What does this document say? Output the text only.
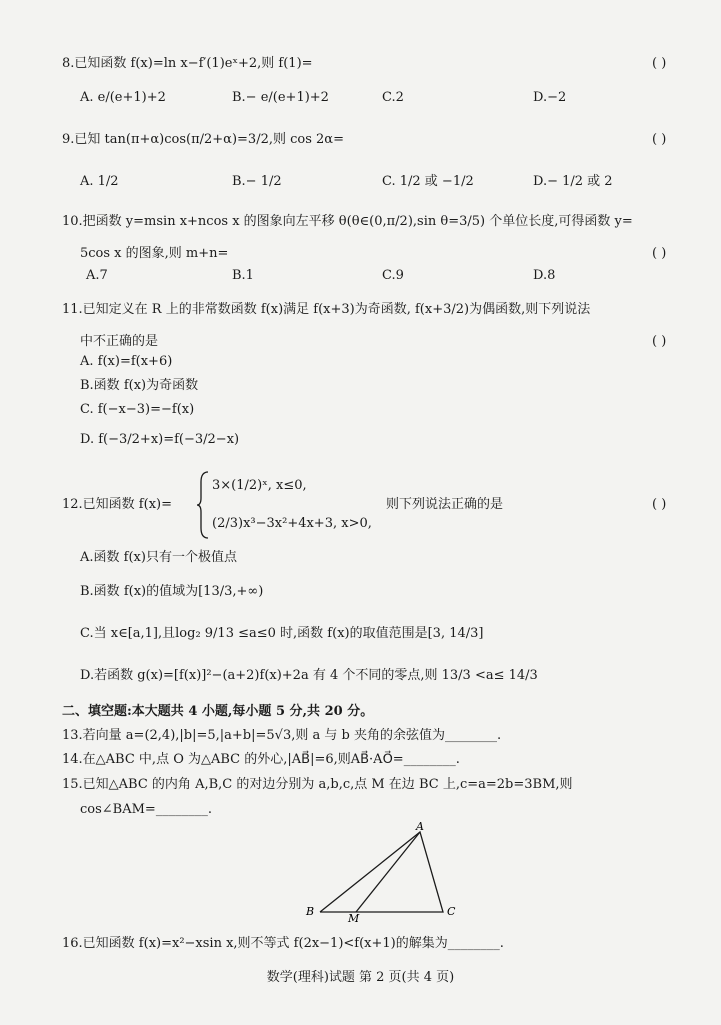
8.已知函数 f(x)=ln x−f′(1)eˣ+2,则 f(1)=	( )
A. e/(e+1)+2	B.− e/(e+1)+2	C.2	D.−2
9.已知 tan(π+α)cos(π/2+α)=3/2,则 cos 2α=	( )
A. 1/2	B.− 1/2	C. 1/2 或 −1/2	D.− 1/2 或 2
10.把函数 y=msin x+ncos x 的图象向左平移 θ(θ∈(0,π/2),sin θ=3/5) 个单位长度,可得函数 y=
5cos x 的图象,则 m+n=	( )
A.7	B.1	C.9	D.8
11.已知定义在 R 上的非常数函数 f(x)满足 f(x+3)为奇函数, f(x+3/2)为偶函数,则下列说法
中不正确的是	( )
A. f(x)=f(x+6)
B.函数 f(x)为奇函数
C. f(−x−3)=−f(x)
D. f(−3/2+x)=f(−3/2−x)
12.已知函数 f(x)=
3×(1/2)ˣ, x≤0,
(2/3)x³−3x²+4x+3, x>0,
则下列说法正确的是	( )
A.函数 f(x)只有一个极值点
B.函数 f(x)的值域为[13/3,+∞)
C.当 x∈[a,1],且log₂ 9/13 ≤a≤0 时,函数 f(x)的取值范围是[3, 14/3]
D.若函数 g(x)=[f(x)]²−(a+2)f(x)+2a 有 4 个不同的零点,则 13/3 <a≤ 14/3
二、填空题:本大题共 4 小题,每小题 5 分,共 20 分。
13.若向量 a=(2,4),|b|=5,|a+b|=5√3,则 a 与 b 夹角的余弦值为________.
14.在△ABC 中,点 O 为△ABC 的外心,|AB⃗|=6,则AB⃗·AO⃗=________.
15.已知△ABC 的内角 A,B,C 的对边分别为 a,b,c,点 M 在边 BC 上,c=a=2b=3BM,则
cos∠BAM=________.
A
B	C
M
16.已知函数 f(x)=x²−xsin x,则不等式 f(2x−1)<f(x+1)的解集为________.
数学(理科)试题 第 2 页(共 4 页)
